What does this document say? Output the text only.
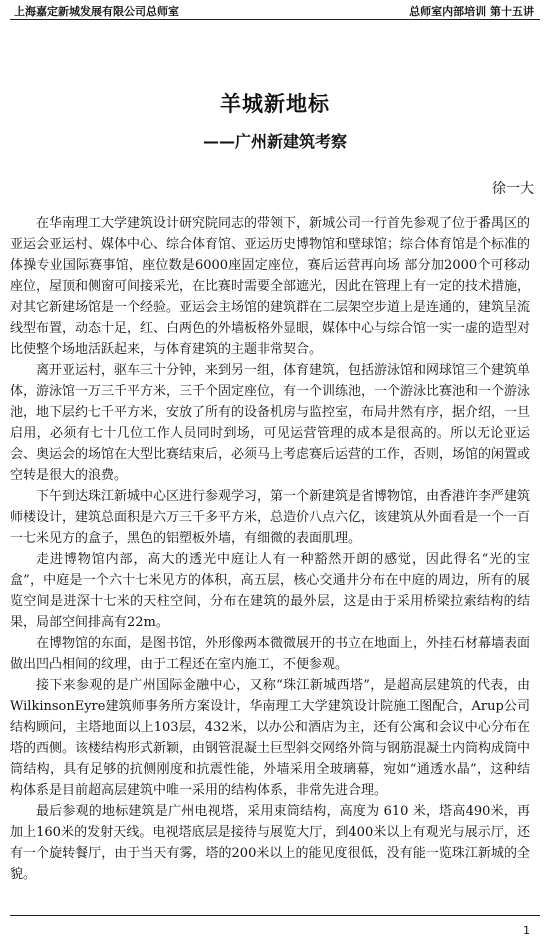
上海嘉定新城发展有限公司总师室	总师室内部培训 第十五讲
羊城新地标
——广州新建筑考察
徐一大

在华南理工大学建筑设计研究院同志的带领下，新城公司一行首先参观了位于番禺区的亚运会亚运村、媒体中心、综合体育馆、亚运历史博物馆和壁球馆；综合体育馆是个标准的体操专业国际赛事馆，座位数是6000座固定座位，赛后运营再向场 部分加2000个可移动座位，屋顶和侧窗可间接采光，在比赛时需要全部遮光，因此在管理上有一定的技术措施，对其它新建场馆是一个经验。亚运会主场馆的建筑群在二层架空步道上是连通的，建筑呈流线型布置，动态十足，红、白两色的外墙板格外显眼，媒体中心与综合馆一实一虚的造型对比使整个场地活跃起来，与体育建筑的主题非常契合。

离开亚运村，驱车三十分钟，来到另一组，体育建筑，包括游泳馆和网球馆三个建筑单体，游泳馆一万三千平方米，三千个固定座位，有一个训练池，一个游泳比赛池和一个游泳池，地下层约七千平方米，安放了所有的设备机房与监控室，布局井然有序，据介绍，一旦启用，必须有七十几位工作人员同时到场，可见运营管理的成本是很高的。所以无论亚运会、奥运会的场馆在大型比赛结束后，必须马上考虑赛后运营的工作，否则，场馆的闲置或空转是很大的浪费。

下午到达珠江新城中心区进行参观学习，第一个新建筑是省博物馆，由香港许李严建筑师楼设计，建筑总面积是六万三千多平方米，总造价八点六亿，该建筑从外面看是一个一百一七米见方的盒子，黑色的铝塑板外墙，有细微的表面肌理。

走进博物馆内部，高大的透光中庭让人有一种豁然开朗的感觉，因此得名“光的宝盒”，中庭是一个六十七米见方的体积，高五层，核心交通井分布在中庭的周边，所有的展览空间是进深十七米的天柱空间，分布在建筑的最外层，这是由于采用桥梁拉索结构的结果，局部空间排高有22m。

在博物馆的东面，是图书馆，外形像两本微微展开的书立在地面上，外挂石材幕墙表面做出凹凸相间的纹理，由于工程还在室内施工，不便参观。

接下来参观的是广州国际金融中心，又称“珠江新城西塔”，是超高层建筑的代表，由WilkinsonEyre建筑师事务所方案设计，华南理工大学建筑设计院施工图配合，Arup公司结构顾问，主塔地面以上103层，432米，以办公和酒店为主，还有公寓和会议中心分布在塔的西侧。该楼结构形式新颖，由钢管混凝土巨型斜交网络外筒与钢筋混凝土内筒构成筒中筒结构，具有足够的抗侧刚度和抗震性能，外墙采用全玻璃幕，宛如“通透水晶”，这种结构体系是目前超高层建筑中唯一采用的结构体系，非常先进合理。

最后参观的地标建筑是广州电视塔，采用束筒结构，高度为 610 米，塔高490米，再加上160米的发射天线。电视塔底层是接待与展览大厅，到400米以上有观光与展示厅，还有一个旋转餐厅，由于当天有雾，塔的200米以上的能见度很低，没有能一览珠江新城的全貌。

1
